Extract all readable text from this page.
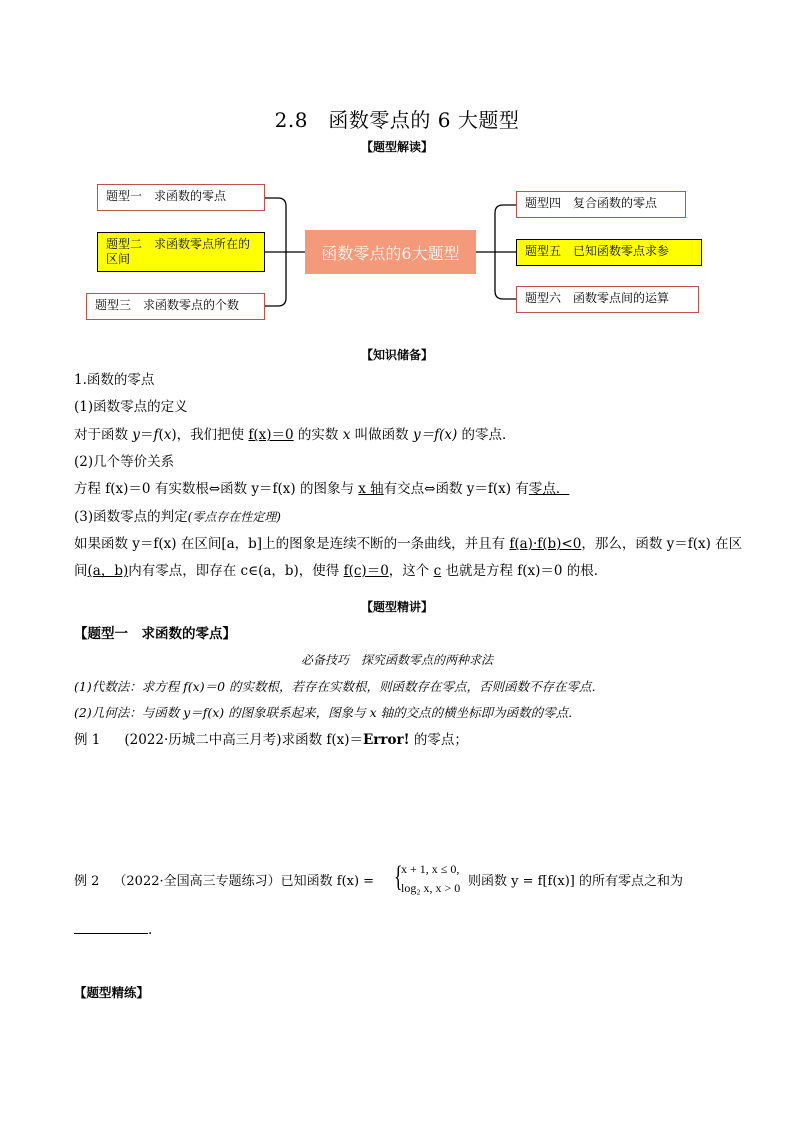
2.8　函数零点的 6 大题型
【题型解读】
题型一　求函数的零点
题型二　求函数零点所在的区间
题型三　求函数零点的个数
函数零点的6大题型
题型四　复合函数的零点
题型五　已知函数零点求参
题型六　函数零点间的运算
【知识储备】
1.函数的零点
(1)函数零点的定义
对于函数 y＝f(x)，我们把使 f(x)＝0 的实数 x 叫做函数 y＝f(x) 的零点．
(2)几个等价关系
方程 f(x)＝0 有实数根⇔函数 y＝f(x) 的图象与 x 轴有交点⇔函数 y＝f(x) 有零点．
(3)函数零点的判定(零点存在性定理)
如果函数 y＝f(x) 在区间[a，b]上的图象是连续不断的一条曲线，并且有 f(a)·f(b)<0，那么，函数 y＝f(x) 在区
间(a，b)内有零点，即存在 c∈(a，b)，使得 f(c)＝0，这个 c 也就是方程 f(x)＝0 的根．
【题型精讲】
【题型一　求函数的零点】
必备技巧　探究函数零点的两种求法
(1)代数法：求方程 f(x)＝0 的实数根，若存在实数根，则函数存在零点，否则函数不存在零点．
(2)几何法：与函数 y＝f(x) 的图象联系起来，图象与 x 轴的交点的横坐标即为函数的零点．
例 1 (2022·历城二中高三月考)求函数 f(x)＝Error! 的零点；
例 2 （2022·全国高三专题练习）已知函数 f(x) = {
x + 1, x ≤ 0,
log₂ x, x > 0 则函数 y = f[f(x)] 的所有零点之和为
.
【题型精练】
